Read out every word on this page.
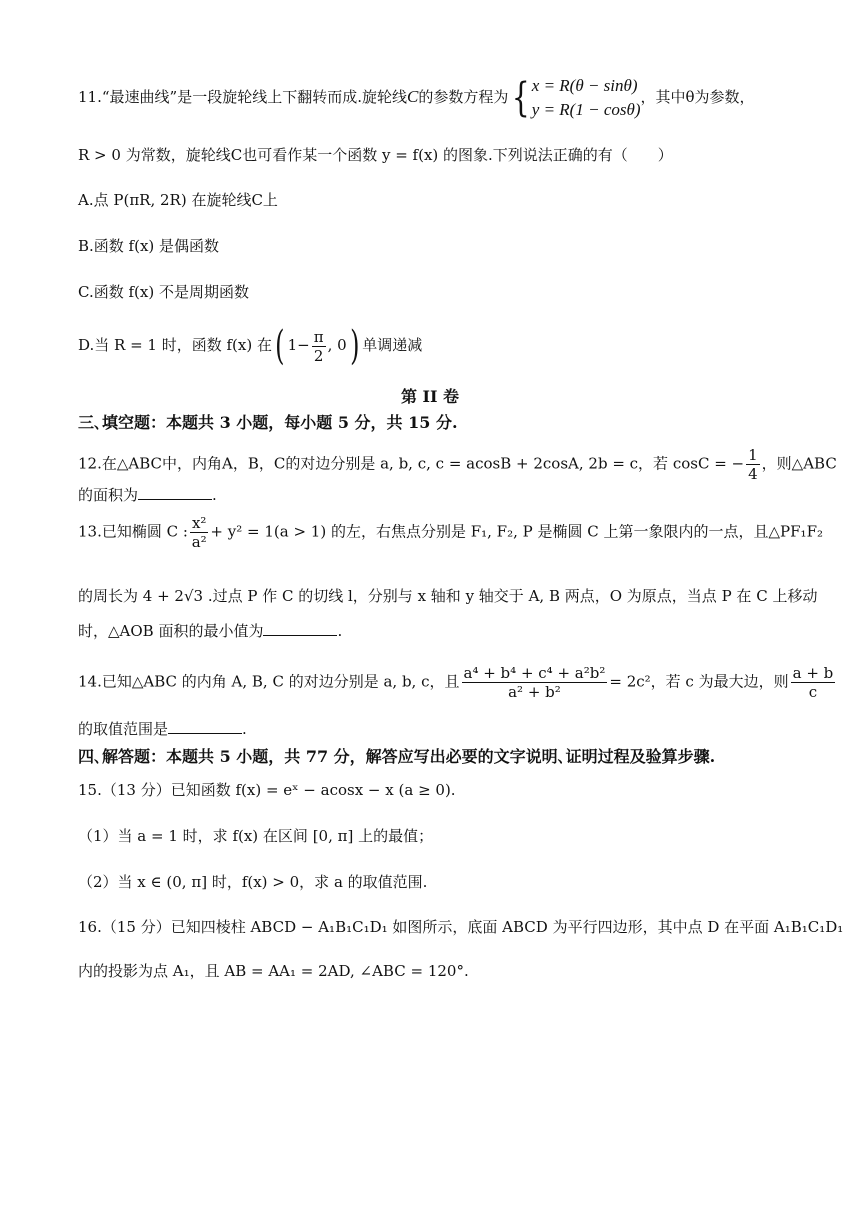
11.“最速曲线”是一段旋轮线上下翻转而成.旋轮线C的参数方程为{ x = R(θ − sinθ)
y = R(1 − cosθ)
，其中θ为参数，
R > 0 为常数，旋轮线C也可看作某一个函数 y = f(x) 的图象.下列说法正确的有（　　）
A.点 P(πR, 2R) 在旋轮线C上
B.函数 f(x) 是偶函数
C.函数 f(x) 不是周期函数
D.当 R = 1 时，函数 f(x) 在( $1- \frac{\pi}{2}$ , 0) 单调递减
第 II 卷
三､填空题：本题共 3 小题，每小题 5 分，共 15 分.
12.在△ABC中，内角A，B，C的对边分别是 a, b, c, c = acosB + 2cosA, 2b = c，若 cosC = − $\frac{1}{4}$ ，则△ABC
的面积为	.
13.已知椭圆 C : $\frac{\text{x²}}{\text{a²}} + y^2 = 1(a > 1)$ 的左，右焦点分别是 F₁, F₂, P 是椭圆 C 上第一象限内的一点，且△PF₁F₂
的周长为 4 + 2√3 .过点 P 作 C 的切线 l，分别与 x 轴和 y 轴交于 A, B 两点，O 为原点，当点 P 在 C 上移动
时，△AOB 面积的最小值为	.
14.已知△ABC 的内角 A, B, C 的对边分别是 a, b, c，且 $\frac{\text{a⁴ + b⁴ + c⁴ + a²b²}}{\text{a² + b²}} = 2c^2$，若 c 为最大边，则 $\frac{a + b}{c}$
的取值范围是	.
四､解答题：本题共 5 小题，共 77 分，解答应写出必要的文字说明､证明过程及验算步骤.
15.（13 分）已知函数 f(x) = eˣ − acosx − x (a ≥ 0).
（1）当 a = 1 时，求 f(x) 在区间 [0, π] 上的最值；
（2）当 x ∈ (0, π] 时，f(x) > 0，求 a 的取值范围.
16.（15 分）已知四棱柱 ABCD − A₁B₁C₁D₁ 如图所示，底面 ABCD 为平行四边形，其中点 D 在平面 A₁B₁C₁D₁
内的投影为点 A₁，且 AB = AA₁ = 2AD, ∠ABC = 120°.
